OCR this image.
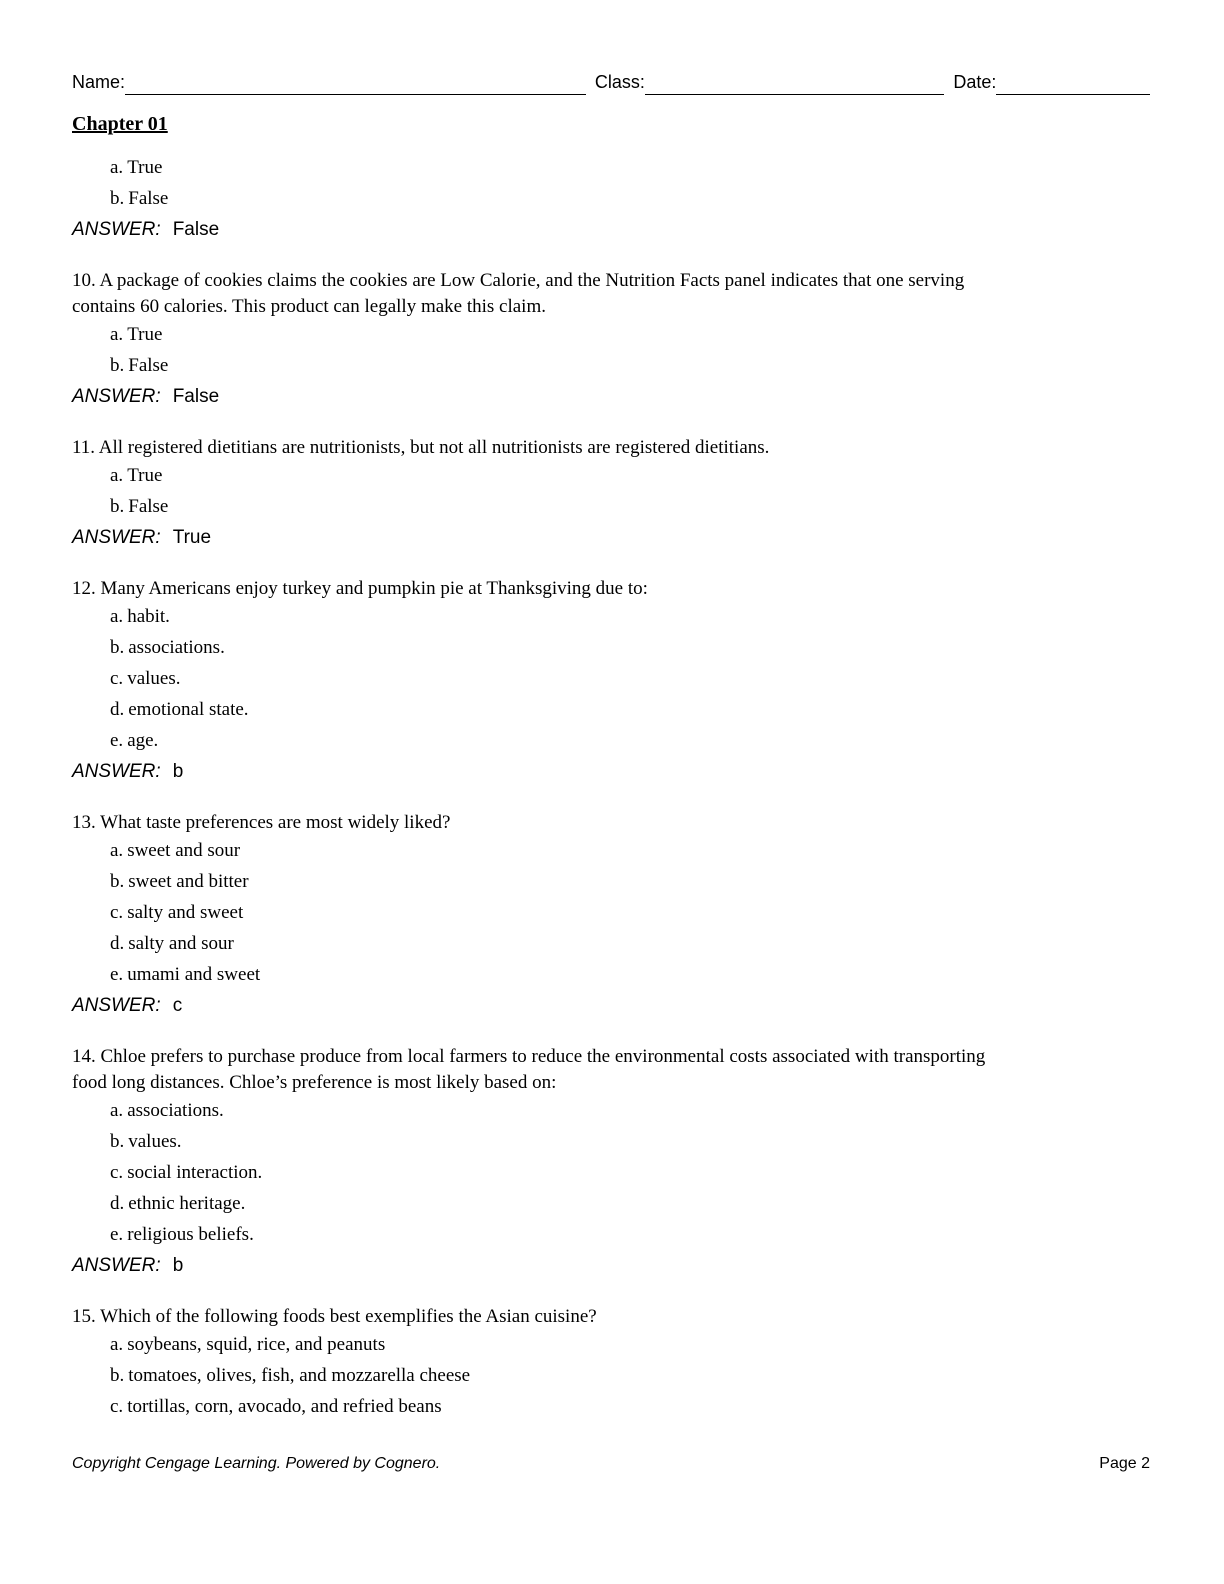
Name:	Class:	Date:
Chapter 01
a. True
b. False

ANSWER: False

10. A package of cookies claims the cookies are Low Calorie, and the Nutrition Facts panel indicates that one serving
contains 60 calories. This product can legally make this claim.
a. True
b. False

ANSWER: False

11. All registered dietitians are nutritionists, but not all nutritionists are registered dietitians.
a. True
b. False

ANSWER: True

12. Many Americans enjoy turkey and pumpkin pie at Thanksgiving due to:
a. habit.
b. associations.
c. values.
d. emotional state.
e. age.

ANSWER: b

13. What taste preferences are most widely liked?
a. sweet and sour
b. sweet and bitter
c. salty and sweet
d. salty and sour
e. umami and sweet

ANSWER: c

14. Chloe prefers to purchase produce from local farmers to reduce the environmental costs associated with transporting
food long distances. Chloe’s preference is most likely based on:
a. associations.
b. values.
c. social interaction.
d. ethnic heritage.
e. religious beliefs.

ANSWER: b

15. Which of the following foods best exemplifies the Asian cuisine?
a. soybeans, squid, rice, and peanuts
b. tomatoes, olives, fish, and mozzarella cheese
c. tortillas, corn, avocado, and refried beans
Copyright Cengage Learning. Powered by Cognero.	Page 2
